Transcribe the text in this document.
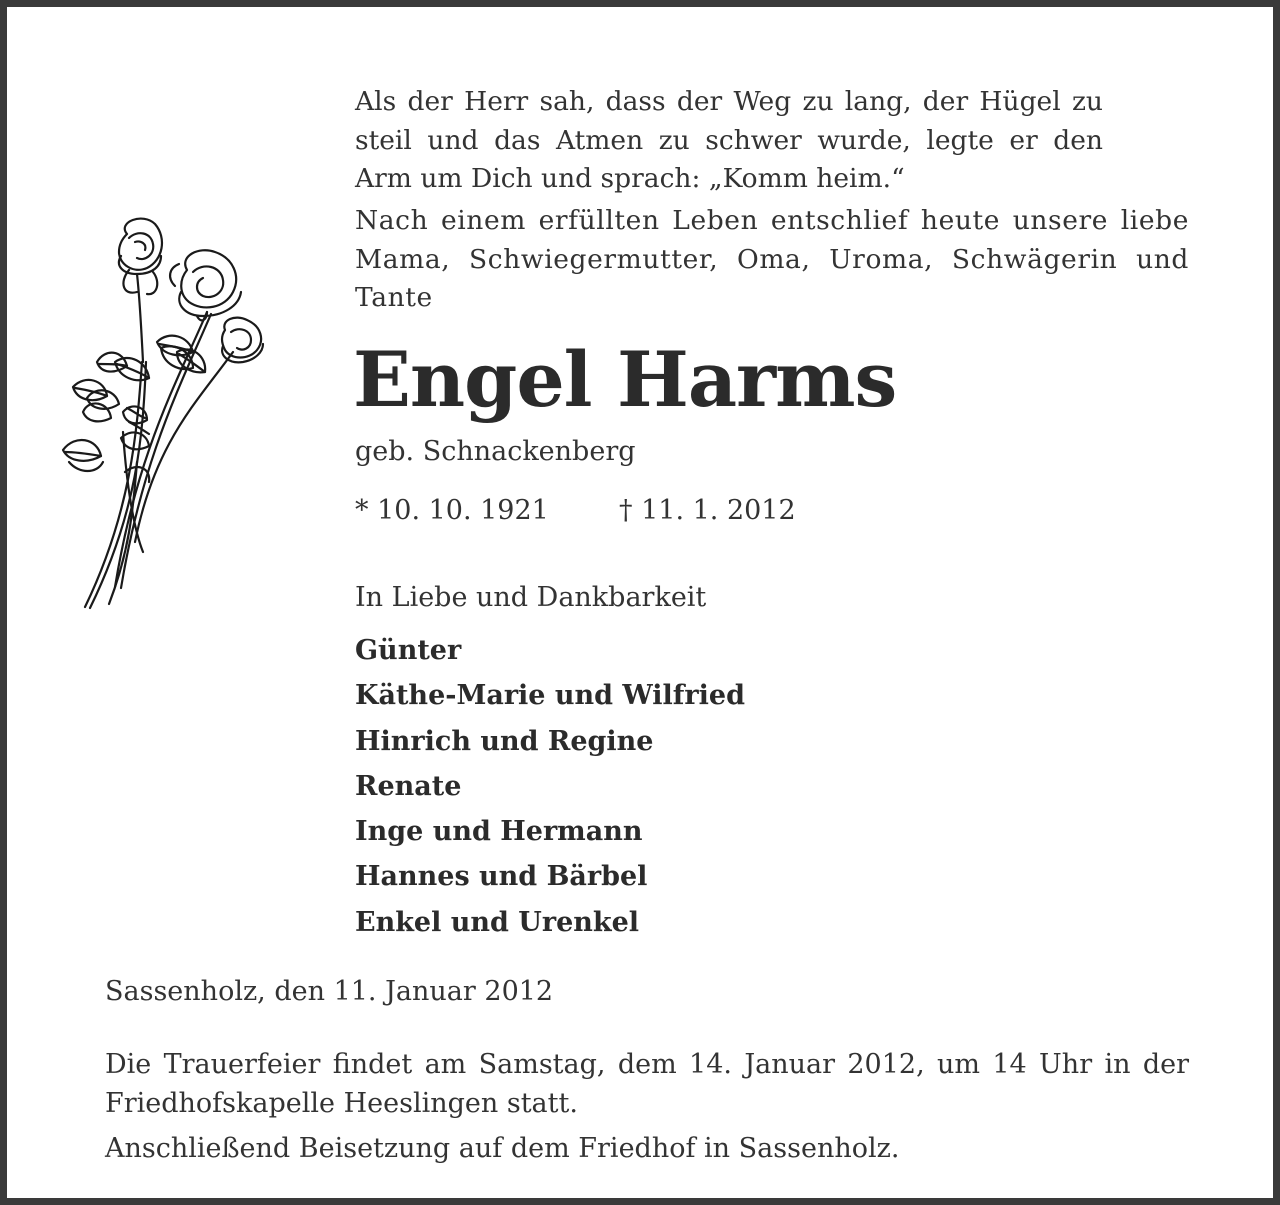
Als der Herr sah, dass der Weg zu lang, der Hügel zu steil und das Atmen zu schwer wurde, legte er den Arm um Dich und sprach: „Komm heim.“

Nach einem erfüllten Leben entschlief heute unsere liebe Mama, Schwiegermutter, Oma, Uroma, Schwägerin und Tante

Engel Harms
geb. Schnackenberg
* 10. 10. 1921	† 11. 1. 2012
In Liebe und Dankbarkeit
Günter
Käthe-Marie und Wilfried
Hinrich und Regine
Renate
Inge und Hermann
Hannes und Bärbel
Enkel und Urenkel
Sassenholz, den 11. Januar 2012

Die Trauerfeier findet am Samstag, dem 14. Januar 2012, um 14 Uhr in der Friedhofskapelle Heeslingen statt.

Anschließend Beisetzung auf dem Friedhof in Sassenholz.
